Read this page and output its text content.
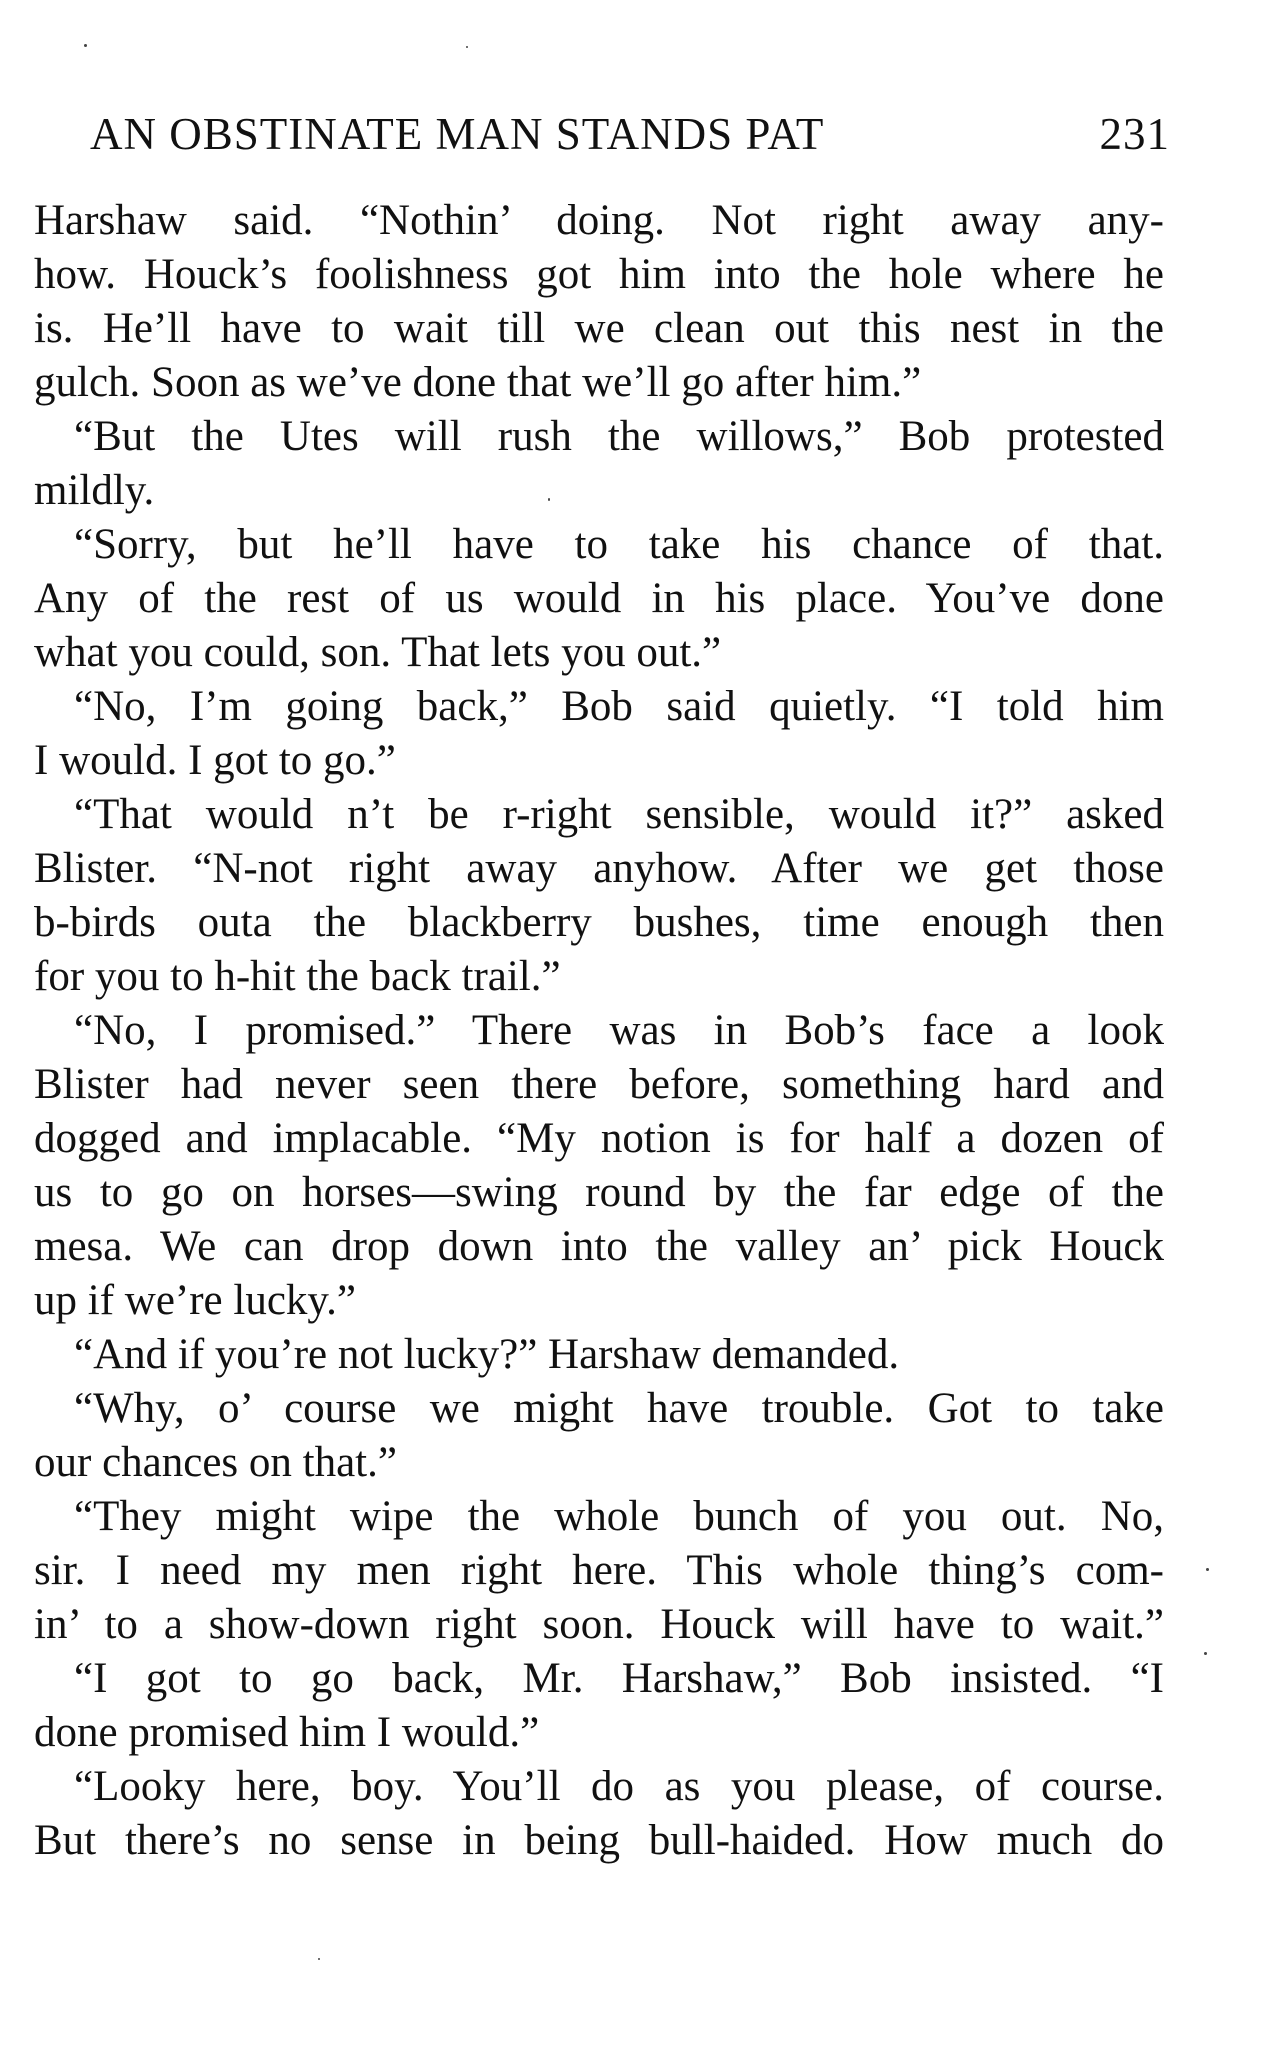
AN OBSTINATE MAN STANDS PAT	231
Harshaw said. “Nothin’ doing. Not right away any-
how. Houck’s foolishness got him into the hole where he
is. He’ll have to wait till we clean out this nest in the
gulch. Soon as we’ve done that we’ll go after him.”
“But the Utes will rush the willows,” Bob protested
mildly.
“Sorry, but he’ll have to take his chance of that.
Any of the rest of us would in his place. You’ve done
what you could, son. That lets you out.”
“No, I’m going back,” Bob said quietly. “I told him
I would. I got to go.”
“That would n’t be r-right sensible, would it?” asked
Blister. “N-not right away anyhow. After we get those
b-birds outa the blackberry bushes, time enough then
for you to h-hit the back trail.”
“No, I promised.” There was in Bob’s face a look
Blister had never seen there before, something hard and
dogged and implacable. “My notion is for half a dozen of
us to go on horses—swing round by the far edge of the
mesa. We can drop down into the valley an’ pick Houck
up if we’re lucky.”
“And if you’re not lucky?” Harshaw demanded.
“Why, o’ course we might have trouble. Got to take
our chances on that.”
“They might wipe the whole bunch of you out. No,
sir. I need my men right here. This whole thing’s com-
in’ to a show-down right soon. Houck will have to wait.”
“I got to go back, Mr. Harshaw,” Bob insisted. “I
done promised him I would.”
“Looky here, boy. You’ll do as you please, of course.
But there’s no sense in being bull-haided. How much do
